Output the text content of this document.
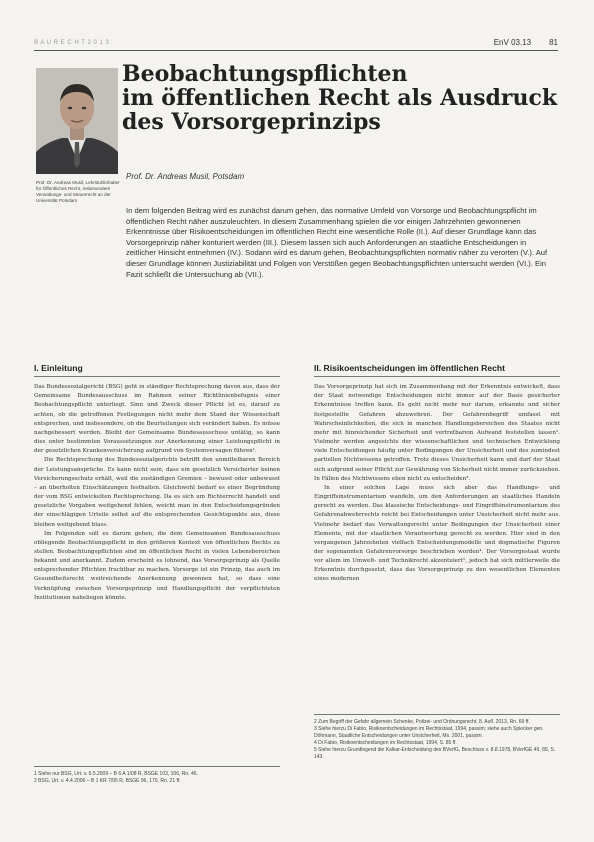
B A U R E C H T 2 0 1 3	EnV 03.13 81
Prof. Dr. Andreas Musil, Lehrstuhlinhaber für Öffentliches Recht, insbesondere Verwaltungs- und Steuerrecht an der Universität Potsdam
Beobachtungspflichten
im öffentlichen Recht als Ausdruck
des Vorsorgeprinzips
Prof. Dr. Andreas Musil, Potsdam
In dem folgenden Beitrag wird es zunächst darum gehen, das normative Umfeld von Vorsorge und Beobachtungspflicht im öffentlichen Recht näher auszuleuchten. In diesem Zusammenhang spielen die vor einigen Jahrzehnten gewonnenen Erkenntnisse über Risikoentscheidungen im öffentlichen Recht eine wesentliche Rolle (II.). Auf dieser Grundlage kann das Vorsorgeprinzip näher konturiert werden (III.). Diesem lassen sich auch Anforderungen an staatliche Entscheidungen in zeitlicher Hinsicht entnehmen (IV.). Sodann wird es darum gehen, Beobachtungspflichten normativ näher zu verorten (V.). Auf dieser Grundlage können Justiziabilität und Folgen von Verstößen gegen Beobachtungspflichten untersucht werden (VI.). Ein Fazit schließt die Untersuchung ab (VII.).
I. Einleitung

Das Bundessozialgericht (BSG) geht in ständiger Rechtsprechung davon aus, dass der Gemeinsame Bundesausschuss im Rahmen seiner Richtlinienbefugnis einer Beobachtungspflicht unterliegt. Sinn und Zweck dieser Pflicht ist es, darauf zu achten, ob die getroffenen Festlegungen nicht mehr dem Stand der Wissenschaft entsprechen, und insbesondere, ob die Beurteilungen sich verändert haben. Es müsse nachgebessert werden. Bleibt der Gemeinsame Bundesausschuss untätig, so kann dies unter bestimmten Voraussetzungen zur Anerkennung einer Leistungspflicht in der gesetzlichen Krankenversicherung aufgrund von Systemversagen führen¹.

Die Rechtsprechung des Bundessozialgerichts betrifft den unmittelbaren Bereich der Leistungsansprüche. Es kann nicht sein, dass ein gesetzlich Versicherter keinen Versicherungsschutz erhält, weil die zuständigen Gremien – bewusst oder unbewusst – an überholten Einschätzungen festhalten. Gleichwohl bedarf es einer Begründung der vom BSG entwickelten Rechtsprechung. Da es sich um Richterrecht handelt und gesetzliche Vorgaben weitgehend fehlen, weicht man in den Entscheidungsgründen der einschlägigen Urteile selbst auf die entsprechenden Gesichtspunkte aus, diese bleiben weitgehend blass.

Im Folgenden soll es darum gehen, die dem Gemeinsamen Bundesausschuss obliegende Beobachtungspflicht in den größeren Kontext von öffentlichen Rechts zu stellen. Beobachtungspflichten sind im öffentlichen Recht in vielen Lebensbereichen bekannt und anerkannt. Zudem erscheint es lohnend, das Vorsorgeprinzip als Quelle entsprechender Pflichten fruchtbar zu machen. Vorsorge ist ein Prinzip, das auch im Gesundheitsrecht weitreichende Anerkennung gewonnen hat, so dass eine Verknüpfung zwischen Vorsorgeprinzip und Handlungspflicht der verpflichteten Institutionen naheliegen könnte.

II. Risikoentscheidungen im öffentlichen Recht

Das Vorsorgeprinzip hat sich im Zusammenhang mit der Erkenntnis entwickelt, dass der Staat notwendige Entscheidungen nicht immer auf der Basis gesicherter Erkenntnisse treffen kann. Es geht nicht mehr nur darum, erkannte und sicher festgestellte Gefahren abzuwehren. Der Gefahrenbegriff umfasst mit Wahrscheinlichkeiten, die sich in manchen Handlungsbereichen des Staates nicht mehr mit hinreichender Sicherheit und vertretbarem Aufwand feststellen lassen². Vielmehr werden angesichts der wissenschaftlichen und technischen Entwicklung viele Entscheidungen häufig unter Bedingungen der Unsicherheit und des zumindest partiellen Nichtwissens getroffen. Trotz dieses Unsicherheit kann und darf der Staat sich aufgrund seiner Pflicht zur Gewährung von Sicherheit nicht immer zurückziehen. In Fällen des Nichtwissens eben nicht zu entscheiden³.

In einer solchen Lage muss sich aber das Handlungs- und Eingriffsinstrumentarium wandeln, um den Anforderungen an staatliches Handeln gerecht zu werden. Das klassische Entscheidungs- und Eingriffsinstrumentarium des Gefahrenabwehrrechts reicht bei Entscheidungen unter Unsicherheit nicht mehr aus. Vielmehr bedarf das Verwaltungsrecht unter Bedingungen der Unsicherheit einer Elemente, mit der staatlichen Verantwortung gerecht zu werden. Hier sind in den vergangenen Jahrzehnten vielfach Entscheidungsmodelle und dogmatische Figuren der sogenannten Gefahrenvorsorge beschrieben worden⁴. Der Vorsorgestaat wurde vor allem im Umwelt- und Technikrecht akzentuiert⁵, jedoch hat sich mittlerweile die Erkenntnis durchgesetzt, dass das Vorsorgeprinzip zu den wesentlichen Elementen eines modernen

1 Siehe nur BSG, Urt. v. 6.5.2009 – B 6 A 1/08 R, BSGE 103, 106, Rn. 46.
2 BSG, Urt. v. 4.4.2006 – B 1 KR 7/05 R, BSGE 96, 170, Rn. 21 ff.
2 Zum Begriff der Gefahr allgemein Schenke, Polizei- und Ordnungsrecht, 8. Aufl. 2013, Rn. 69 ff.
3 Siehe hierzu Di Fabio, Risikoentscheidungen im Rechtsstaat, 1994, passim; siehe auch Spiecker gen. Döhmann, Staatliche Entscheidungen unter Unsicherheit, Ms. 2001, passim.
4 Di Fabio, Risikoentscheidungen im Rechtsstaat, 1994, S. 85 ff.
5 Siehe hierzu Grundlegend die Kalkar-Entscheidung des BVerfG, Beschluss v. 8.8.1978, BVerfGE 49, 89, S. 143.
